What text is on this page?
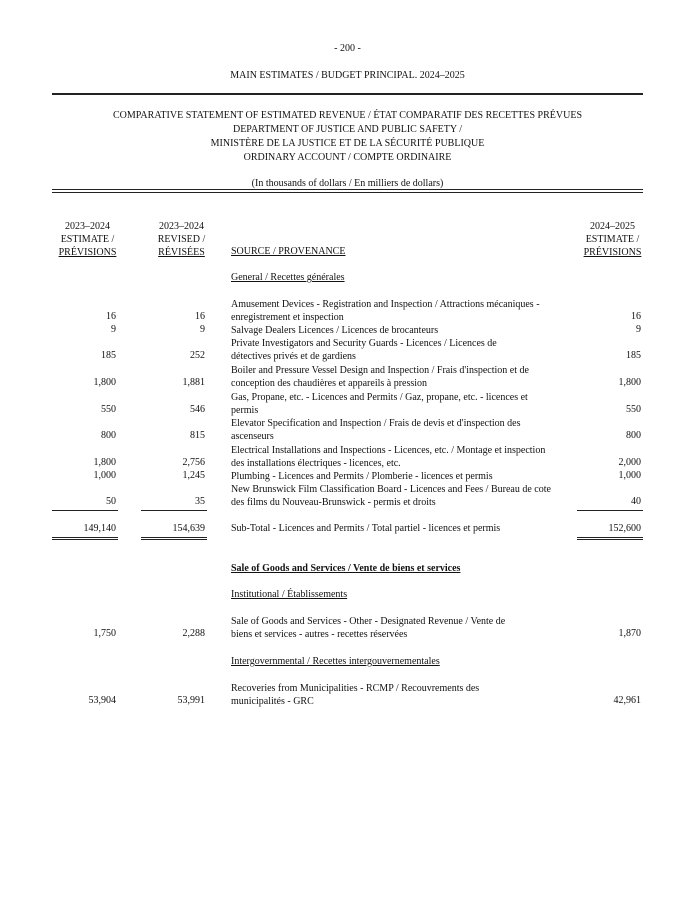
- 200 -
MAIN ESTIMATES / BUDGET PRINCIPAL. 2024–2025
COMPARATIVE STATEMENT OF ESTIMATED REVENUE / ÉTAT COMPARATIF DES RECETTES PRÉVUES
DEPARTMENT OF JUSTICE AND PUBLIC SAFETY /
MINISTÈRE DE LA JUSTICE ET DE LA SÉCURITÉ PUBLIQUE
ORDINARY ACCOUNT / COMPTE ORDINAIRE
(In thousands of dollars / En milliers de dollars)
2023–2024
ESTIMATE /
PRÉVISIONS
2023–2024
REVISED /
RÉVISÉES	SOURCE / PROVENANCE
2024–2025
ESTIMATE /
PRÉVISIONS
General / Recettes générales
Amusement Devices - Registration and Inspection / Attractions mécaniques -
enregistrement et inspection
16	16	16
Salvage Dealers Licences / Licences de brocanteurs
9	9	9
Private Investigators and Security Guards - Licences / Licences de
détectives privés et de gardiens
185	252	185
Boiler and Pressure Vessel Design and Inspection / Frais d'inspection et de
conception des chaudières et appareils à pression
1,800	1,881	1,800
Gas, Propane, etc. - Licences and Permits / Gaz, propane, etc. - licences et
permis
550	546	550
Elevator Specification and Inspection / Frais de devis et d'inspection des
ascenseurs
800	815	800
Electrical Installations and Inspections - Licences, etc. / Montage et inspection
des installations électriques - licences, etc.
1,800	2,756	2,000
Plumbing - Licences and Permits / Plomberie - licences et permis
1,000	1,245	1,000
New Brunswick Film Classification Board - Licences and Fees / Bureau de cote
des films du Nouveau-Brunswick - permis et droits
50	35	40
Sub-Total - Licences and Permits / Total partiel - licences et permis
149,140	154,639	152,600
Sale of Goods and Services / Vente de biens et services
Institutional / Établissements
Sale of Goods and Services - Other - Designated Revenue / Vente de
biens et services - autres - recettes réservées
1,750	2,288	1,870
Intergovernmental / Recettes intergouvernementales
Recoveries from Municipalities - RCMP / Recouvrements des
municipalités - GRC
53,904	53,991	42,961
